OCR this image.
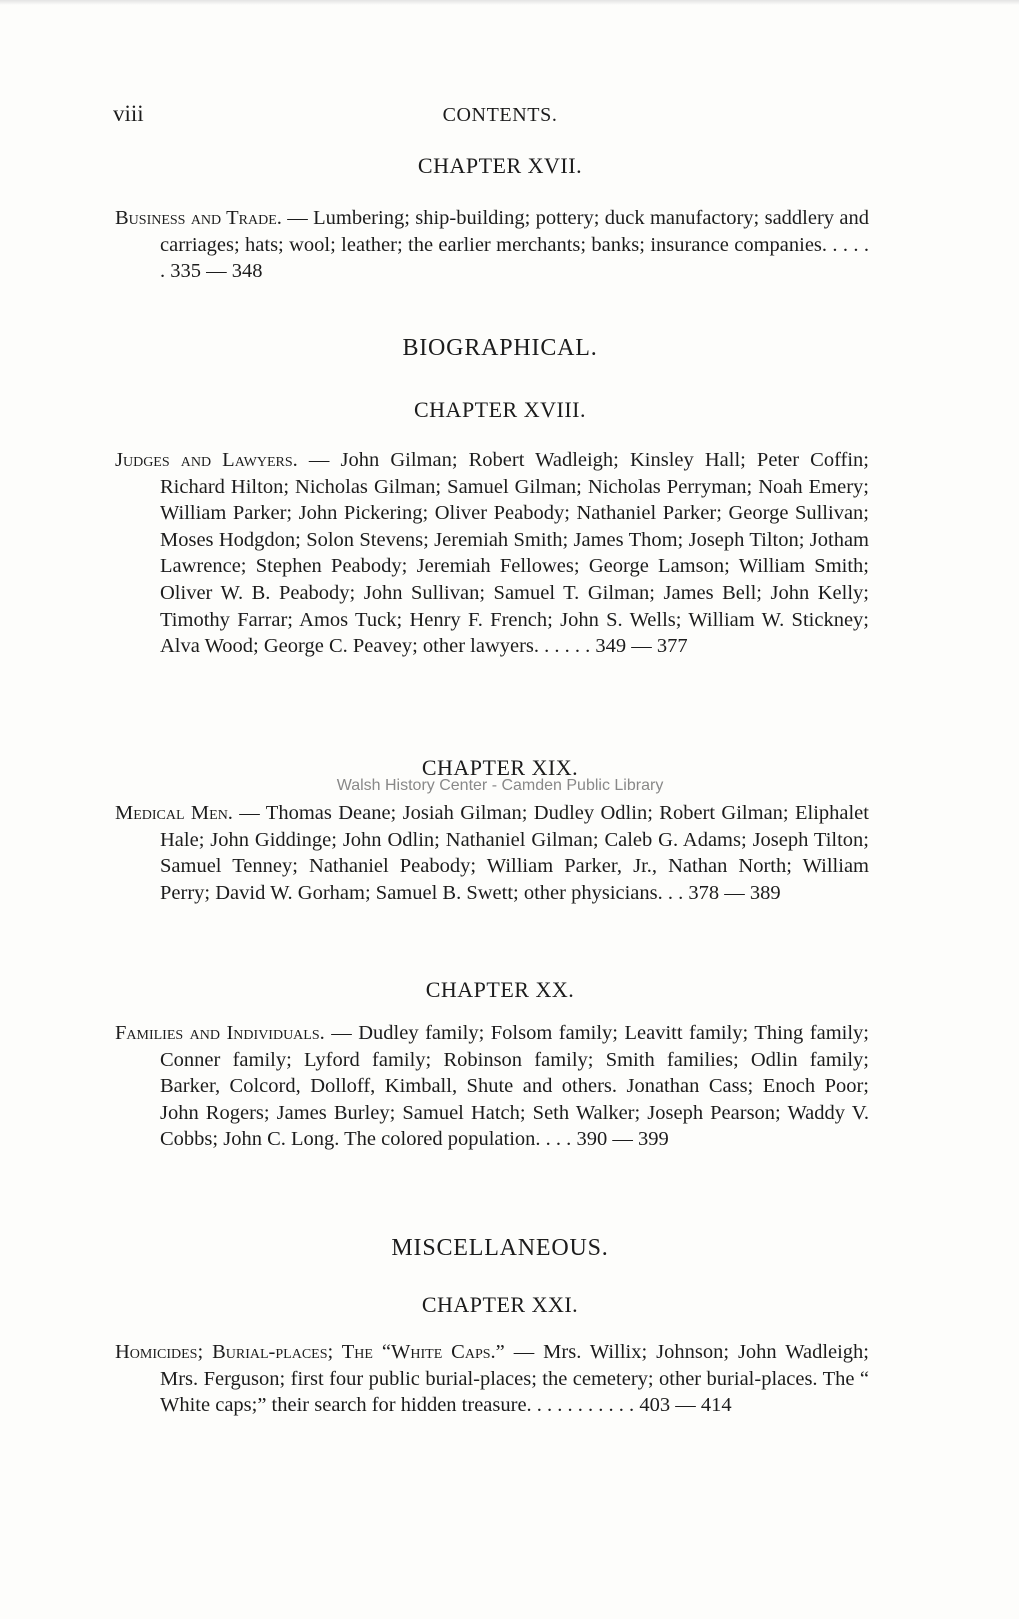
viii	CONTENTS.
CHAPTER XVII.
Business and Trade. — Lumbering; ship-building; pottery; duck manufactory; saddlery and carriages; hats; wool; leather; the earlier merchants; banks; insurance companies. . . . . . 335 — 348
BIOGRAPHICAL.
CHAPTER XVIII.
Judges and Lawyers. — John Gilman; Robert Wadleigh; Kinsley Hall; Peter Coffin; Richard Hilton; Nicholas Gilman; Samuel Gilman; Nicholas Perryman; Noah Emery; William Parker; John Pickering; Oliver Peabody; Nathaniel Parker; George Sullivan; Moses Hodgdon; Solon Stevens; Jeremiah Smith; James Thom; Joseph Tilton; Jotham Lawrence; Stephen Peabody; Jeremiah Fellowes; George Lamson; William Smith; Oliver W. B. Peabody; John Sullivan; Samuel T. Gilman; James Bell; John Kelly; Timothy Farrar; Amos Tuck; Henry F. French; John S. Wells; William W. Stickney; Alva Wood; George C. Peavey; other lawyers. . . . . . 349 — 377
CHAPTER XIX.
Walsh History Center - Camden Public Library
Medical Men. — Thomas Deane; Josiah Gilman; Dudley Odlin; Robert Gilman; Eliphalet Hale; John Giddinge; John Odlin; Nathaniel Gilman; Caleb G. Adams; Joseph Tilton; Samuel Tenney; Nathaniel Peabody; William Parker, Jr., Nathan North; William Perry; David W. Gorham; Samuel B. Swett; other physicians. . . 378 — 389
CHAPTER XX.
Families and Individuals. — Dudley family; Folsom family; Leavitt family; Thing family; Conner family; Lyford family; Robinson family; Smith families; Odlin family; Barker, Colcord, Dolloff, Kimball, Shute and others. Jonathan Cass; Enoch Poor; John Rogers; James Burley; Samuel Hatch; Seth Walker; Joseph Pearson; Waddy V. Cobbs; John C. Long. The colored population. . . . 390 — 399
MISCELLANEOUS.
CHAPTER XXI.
Homicides; Burial-places; The “White Caps.” — Mrs. Willix; Johnson; John Wadleigh; Mrs. Ferguson; first four public burial-places; the cemetery; other burial-places. The “ White caps;” their search for hidden treasure. . . . . . . . . . . 403 — 414
